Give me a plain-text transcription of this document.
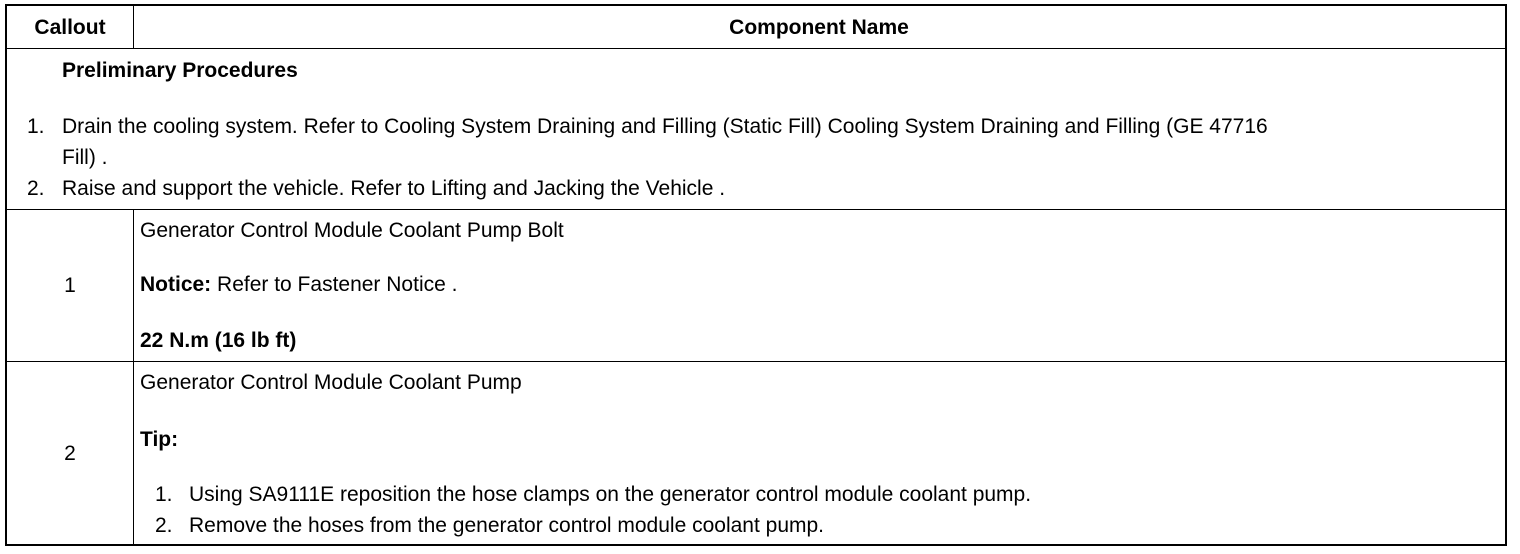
Callout	Component Name
Preliminary Procedures
1. Drain the cooling system. Refer to Cooling System Draining and Filling (Static Fill) Cooling System Draining and Filling (GE 47716
Fill) .
2. Raise and support the vehicle. Refer to Lifting and Jacking the Vehicle .
1
Generator Control Module Coolant Pump Bolt
Notice: Refer to Fastener Notice .
22 N.m (16 lb ft)
2
Generator Control Module Coolant Pump
Tip:
1. Using SA9111E reposition the hose clamps on the generator control module coolant pump.
2. Remove the hoses from the generator control module coolant pump.
